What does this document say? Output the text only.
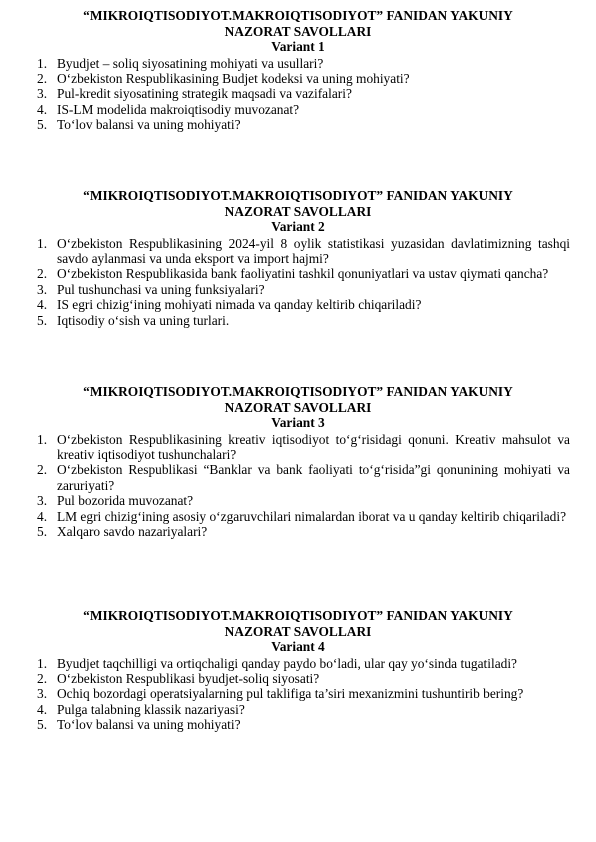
“MIKROIQTISODIYOT.MAKROIQTISODIYOT” FANIDAN YAKUNIY
NAZORAT SAVOLLARI
Variant 1
1. Byudjet – soliq siyosatining mohiyati va usullari?
2. O‘zbekiston Respublikasining Budjet kodeksi va uning mohiyati?
3. Pul-kredit siyosatining strategik maqsadi va vazifalari?
4. IS-LM modelida makroiqtisodiy muvozanat?
5. To‘lov balansi va uning mohiyati?
“MIKROIQTISODIYOT.MAKROIQTISODIYOT” FANIDAN YAKUNIY
NAZORAT SAVOLLARI
Variant 2
1. O‘zbekiston Respublikasining 2024-yil 8 oylik statistikasi yuzasidan davlatimizning tashqi savdo aylanmasi va unda eksport va import hajmi?
2. O‘zbekiston Respublikasida bank faoliyatini tashkil qonuniyatlari va ustav qiymati qancha?
3. Pul tushunchasi va uning funksiyalari?
4. IS egri chizig‘ining mohiyati nimada va qanday keltirib chiqariladi?
5. Iqtisodiy o‘sish va uning turlari.
“MIKROIQTISODIYOT.MAKROIQTISODIYOT” FANIDAN YAKUNIY
NAZORAT SAVOLLARI
Variant 3
1. O‘zbekiston Respublikasining kreativ iqtisodiyot to‘g‘risidagi qonuni. Kreativ mahsulot va kreativ iqtisodiyot tushunchalari?
2. O‘zbekiston Respublikasi “Banklar va bank faoliyati to‘g‘risida”gi qonunining mohiyati va zaruriyati?
3. Pul bozorida muvozanat?
4. LM egri chizig‘ining asosiy o‘zgaruvchilari nimalardan iborat va u qanday keltirib chiqariladi?
5. Xalqaro savdo nazariyalari?
“MIKROIQTISODIYOT.MAKROIQTISODIYOT” FANIDAN YAKUNIY
NAZORAT SAVOLLARI
Variant 4
1. Byudjet taqchilligi va ortiqchaligi qanday paydo bo‘ladi, ular qay yo‘sinda tugatiladi?
2. O‘zbekiston Respublikasi byudjet-soliq siyosati?
3. Ochiq bozordagi operatsiyalarning pul taklifiga ta’siri mexanizmini tushuntirib bering?
4. Pulga talabning klassik nazariyasi?
5. To‘lov balansi va uning mohiyati?
